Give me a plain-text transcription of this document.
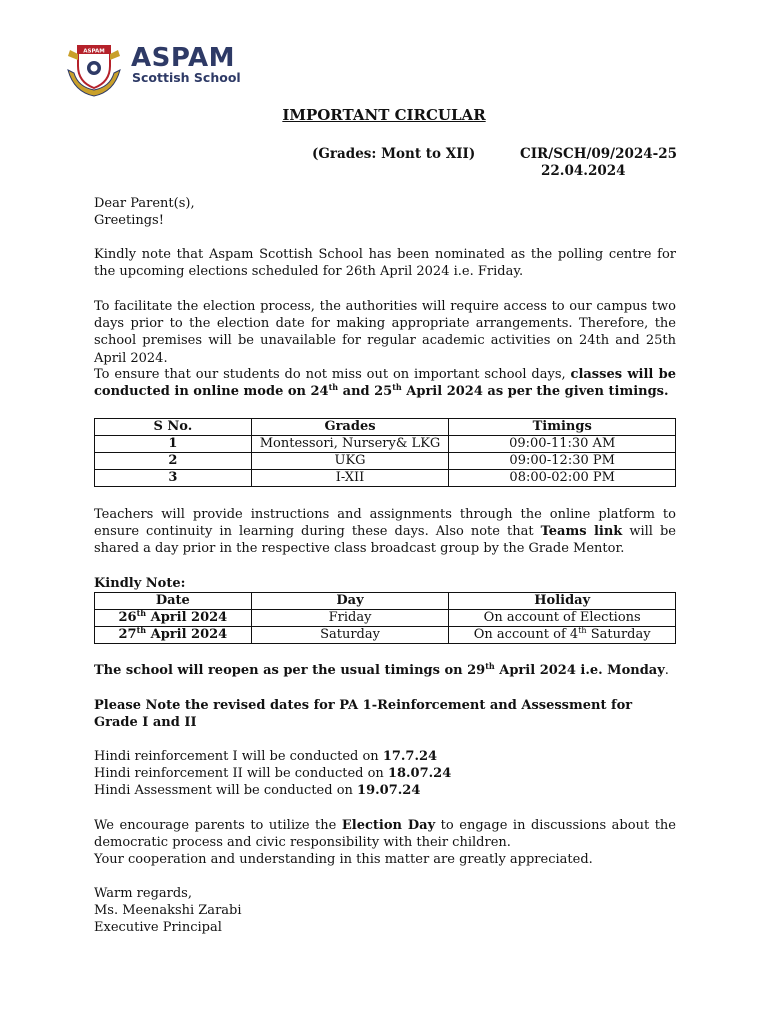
ASPAM ASPAM
Scottish School
IMPORTANT CIRCULAR
(Grades: Mont to XII)	CIR/SCH/09/2024-25
22.04.2024
Dear Parent(s),
Greetings!

Kindly note that Aspam Scottish School has been nominated as the polling centre for the upcoming elections scheduled for 26th April 2024 i.e. Friday.

To facilitate the election process, the authorities will require access to our campus two days prior to the election date for making appropriate arrangements. Therefore, the school premises will be unavailable for regular academic activities on 24th and 25th April 2024.

To ensure that our students do not miss out on important school days, classes will be conducted in online mode on 24th and 25th April 2024 as per the given timings.

S No.	Grades	Timings
1	Montessori, Nursery& LKG	09:00-11:30 AM
2	UKG	09:00-12:30 PM
3	I-XII	08:00-02:00 PM

Teachers will provide instructions and assignments through the online platform to ensure continuity in learning during these days. Also note that Teams link will be shared a day prior in the respective class broadcast group by the Grade Mentor.

Kindly Note:
Date	Day	Holiday
26th April 2024	Friday	On account of Elections
27th April 2024	Saturday	On account of 4th Saturday
The school will reopen as per the usual timings on 29th April 2024 i.e. Monday.

Please Note the revised dates for PA 1-Reinforcement and Assessment for Grade I and II

Hindi reinforcement I will be conducted on 17.7.24
Hindi reinforcement II will be conducted on 18.07.24
Hindi Assessment will be conducted on 19.07.24

We encourage parents to utilize the Election Day to engage in discussions about the democratic process and civic responsibility with their children.

Your cooperation and understanding in this matter are greatly appreciated.
Warm regards,
Ms. Meenakshi Zarabi
Executive Principal
